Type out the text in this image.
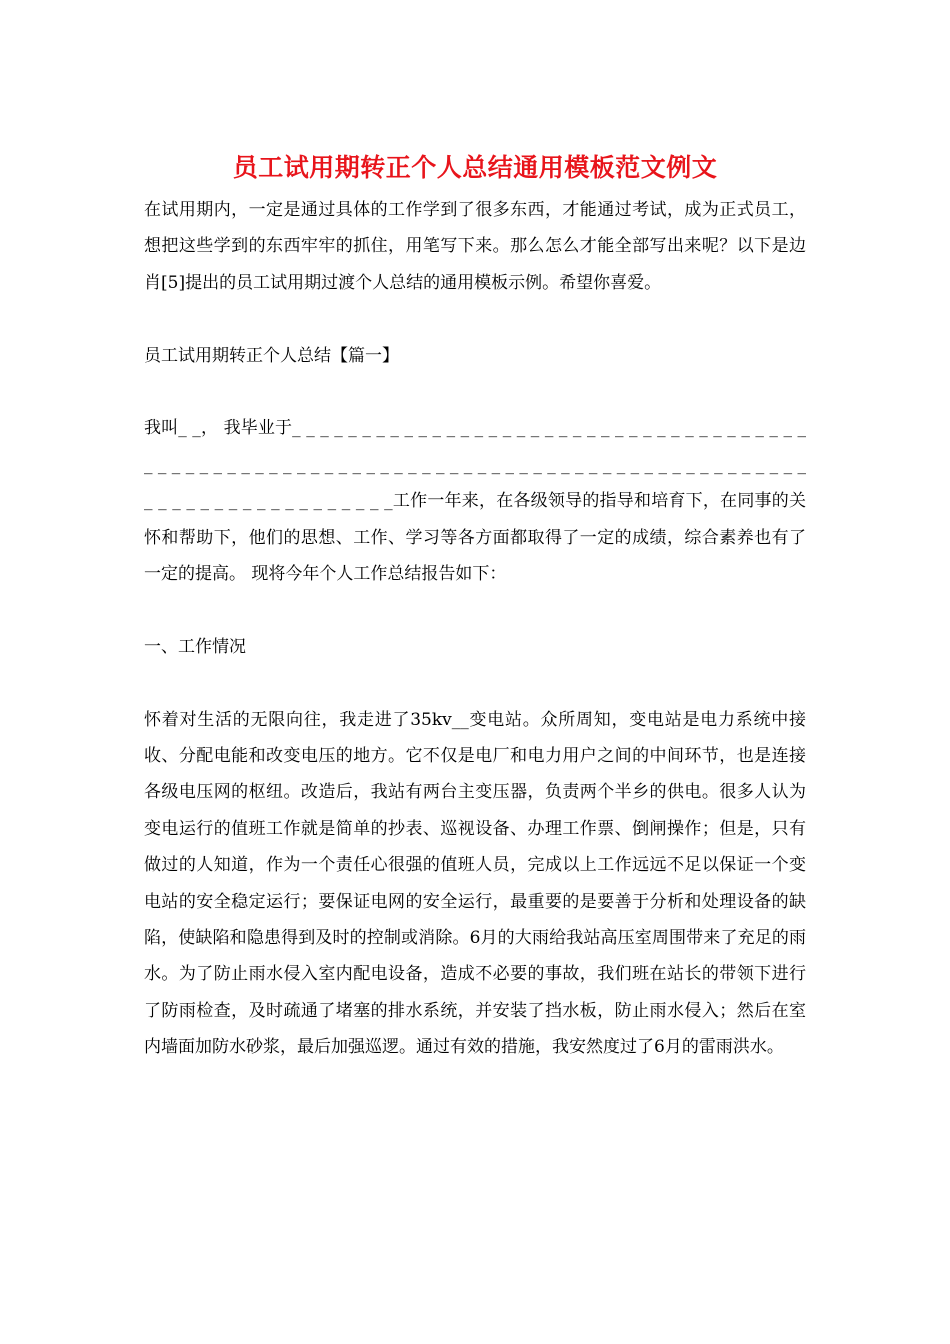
员工试用期转正个人总结通用模板范文例文

在试用期内，一定是通过具体的工作学到了很多东西，才能通过考试，成为正式员工，想把这些学到的东西牢牢的抓住，用笔写下来。那么怎么才能全部写出来呢？以下是边肖[5]提出的员工试用期过渡个人总结的通用模板示例。希望你喜爱。

员工试用期转正个人总结【篇一】

我叫_ _， 我毕业于_ _ _ _ _ _ _ _ _ _ _ _ _ _ _ _ _ _ _ _ _ _ _ _ _ _ _ _ _ _ _ _ _ _ _ _ _ _ _ _ _ _ _ _ _ _ _ _ _ _ _ _ _ _ _ _ _ _ _ _ _ _ _ _ _ _ _ _ _ _ _ _ _ _ _ _ _ _ _ _ _ _ _ _ _ _ _ _ _ _ _ _ _ _ _ _ _ _ _ _ _ _ _工作一年来，在各级领导的指导和培育下，在同事的关怀和帮助下，他们的思想、工作、学习等各方面都取得了一定的成绩，综合素养也有了一定的提高。 现将今年个人工作总结报告如下：

一、工作情况

怀着对生活的无限向往，我走进了35kv__变电站。众所周知，变电站是电力系统中接收、分配电能和改变电压的地方。它不仅是电厂和电力用户之间的中间环节，也是连接各级电压网的枢纽。改造后，我站有两台主变压器，负责两个半乡的供电。很多人认为变电运行的值班工作就是简单的抄表、巡视设备、办理工作票、倒闸操作；但是，只有做过的人知道，作为一个责任心很强的值班人员，完成以上工作远远不足以保证一个变电站的安全稳定运行；要保证电网的安全运行，最重要的是要善于分析和处理设备的缺陷，使缺陷和隐患得到及时的控制或消除。6月的大雨给我站高压室周围带来了充足的雨水。为了防止雨水侵入室内配电设备，造成不必要的事故，我们班在站长的带领下进行了防雨检查，及时疏通了堵塞的排水系统，并安装了挡水板，防止雨水侵入；然后在室内墙面加防水砂浆，最后加强巡逻。通过有效的措施，我安然度过了6月的雷雨洪水。
